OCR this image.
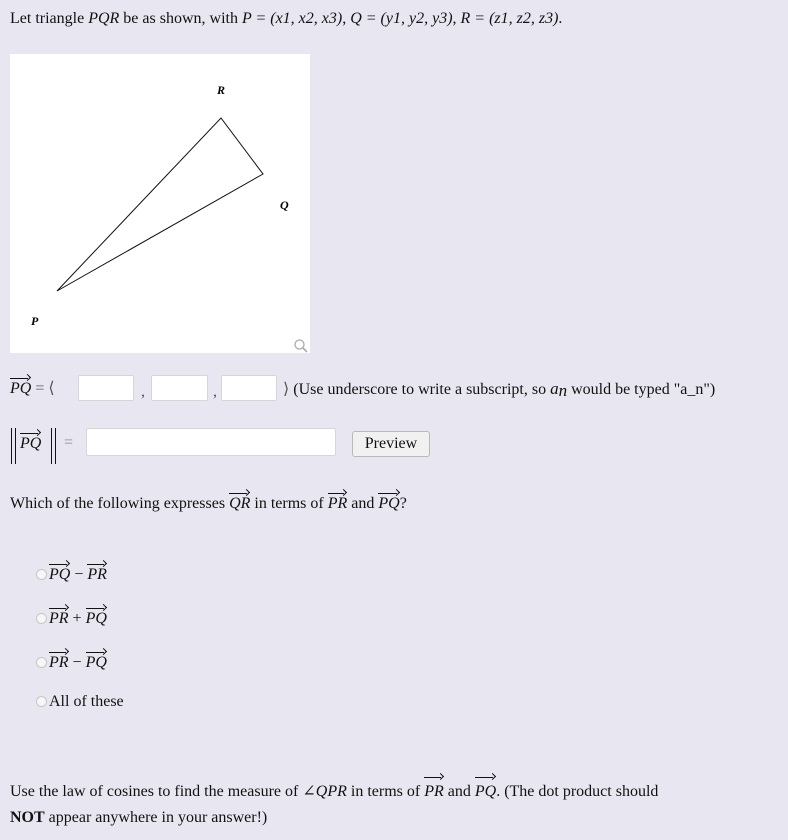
Let triangle PQR be as shown, with P = (x1, x2, x3), Q = (y1, y2, y3), R = (z1, z2, z3).
R
Q
P
PQ = ⟨	,	,	⟩ (Use underscore to write a subscript, so an would be typed "a_n")
PQ =	Preview
Which of the following expresses QR in terms of PR and PQ?
PQ − PR
PR + PQ
PR − PQ
All of these
Use the law of cosines to find the measure of ∠QPR in terms of PR and PQ. (The dot product should
NOT appear anywhere in your answer!)
